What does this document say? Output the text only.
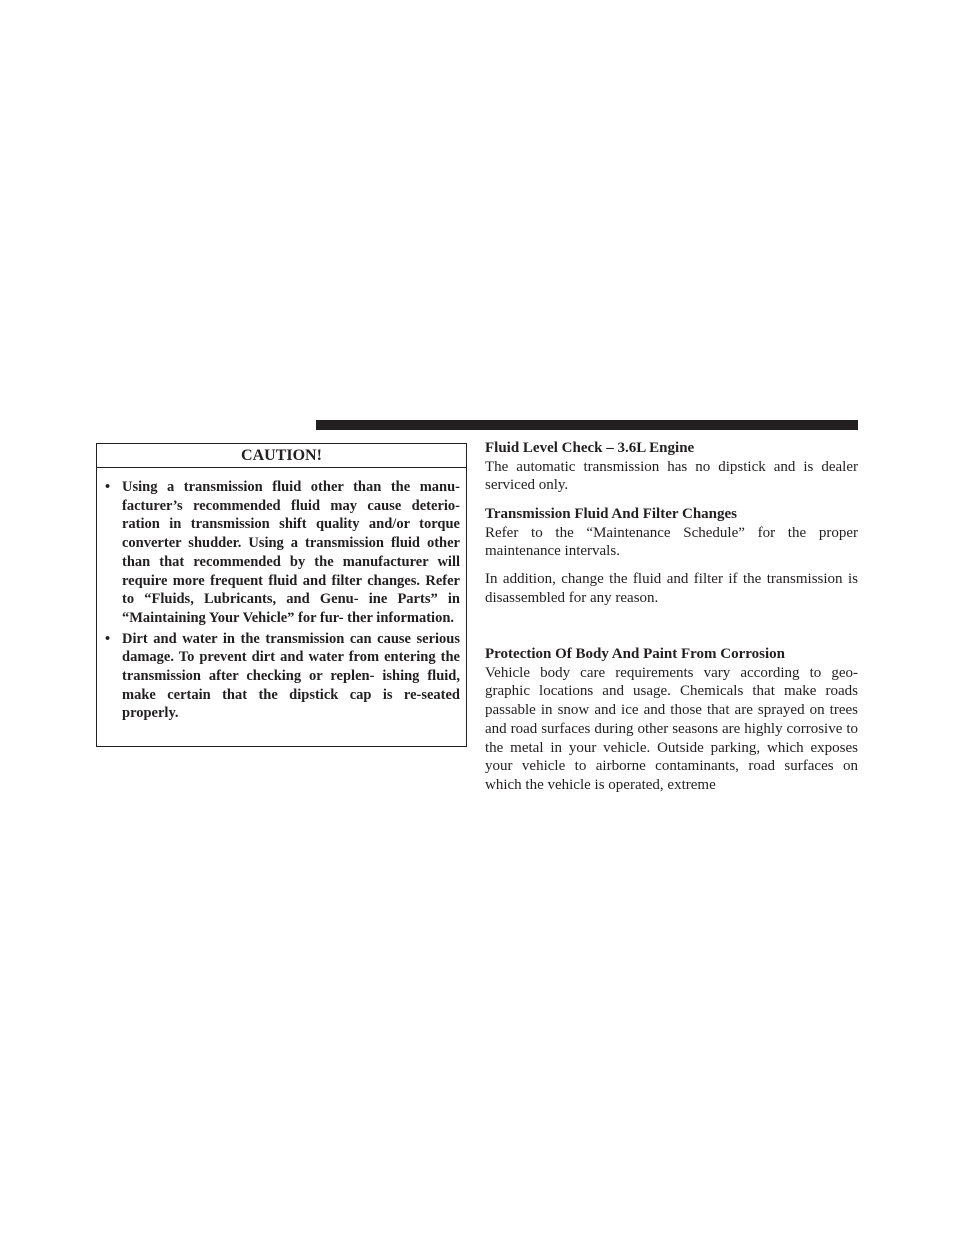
CAUTION!
• Using a transmission fluid other than the manu- facturer’s recommended fluid may cause deterio- ration in transmission shift quality and/or torque converter shudder. Using a transmission fluid other than that recommended by the manufacturer will require more frequent fluid and filter changes. Refer to “Fluids, Lubricants, and Genu- ine Parts” in “Maintaining Your Vehicle” for fur- ther information.
• Dirt and water in the transmission can cause serious damage. To prevent dirt and water from entering the transmission after checking or replen- ishing fluid, make certain that the dipstick cap is re-seated properly.

Fluid Level Check – 3.6L Engine

The automatic transmission has no dipstick and is dealer serviced only.

Transmission Fluid And Filter Changes

Refer to the “Maintenance Schedule” for the proper maintenance intervals.

In addition, change the fluid and filter if the transmission is disassembled for any reason.

Protection Of Body And Paint From Corrosion

Vehicle body care requirements vary according to geo- graphic locations and usage. Chemicals that make roads passable in snow and ice and those that are sprayed on trees and road surfaces during other seasons are highly corrosive to the metal in your vehicle. Outside parking, which exposes your vehicle to airborne contaminants, road surfaces on which the vehicle is operated, extreme
